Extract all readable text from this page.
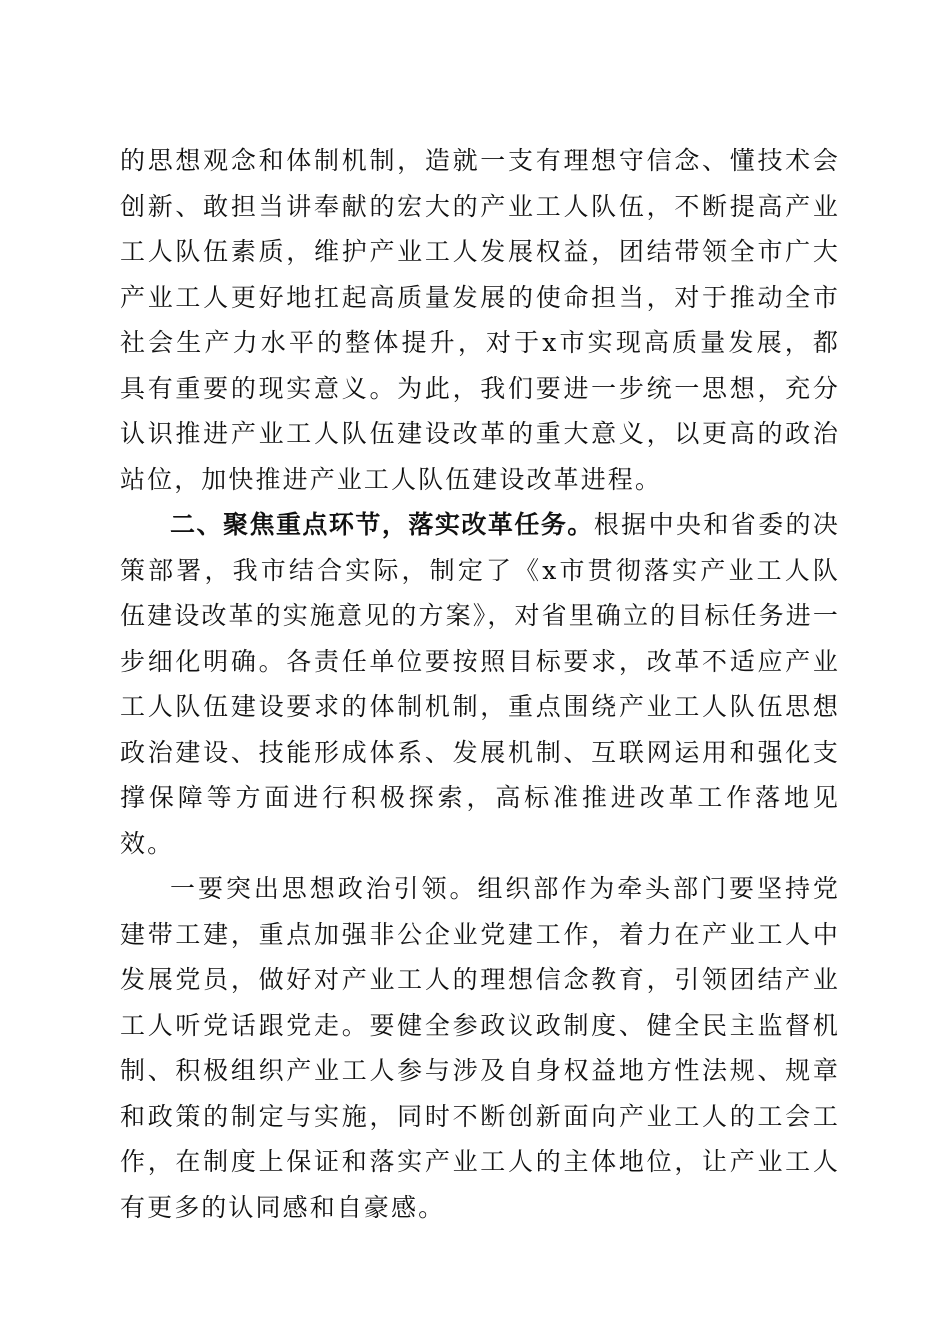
的思想观念和体制机制，造就一支有理想守信念、懂技术会创新、敢担当讲奉献的宏大的产业工人队伍，不断提高产业工人队伍素质，维护产业工人发展权益，团结带领全市广大产业工人更好地扛起高质量发展的使命担当，对于推动全市社会生产力水平的整体提升，对于x市实现高质量发展，都具有重要的现实意义。为此，我们要进一步统一思想，充分认识推进产业工人队伍建设改革的重大意义，以更高的政治站位，加快推进产业工人队伍建设改革进程。

二、聚焦重点环节，落实改革任务。根据中央和省委的决策部署，我市结合实际，制定了《x市贯彻落实产业工人队伍建设改革的实施意见的方案》，对省里确立的目标任务进一步细化明确。各责任单位要按照目标要求，改革不适应产业工人队伍建设要求的体制机制，重点围绕产业工人队伍思想政治建设、技能形成体系、发展机制、互联网运用和强化支撑保障等方面进行积极探索，高标准推进改革工作落地见效。

一要突出思想政治引领。组织部作为牵头部门要坚持党建带工建，重点加强非公企业党建工作，着力在产业工人中发展党员，做好对产业工人的理想信念教育，引领团结产业工人听党话跟党走。要健全参政议政制度、健全民主监督机制、积极组织产业工人参与涉及自身权益地方性法规、规章和政策的制定与实施，同时不断创新面向产业工人的工会工作，在制度上保证和落实产业工人的主体地位，让产业工人有更多的认同感和自豪感。
